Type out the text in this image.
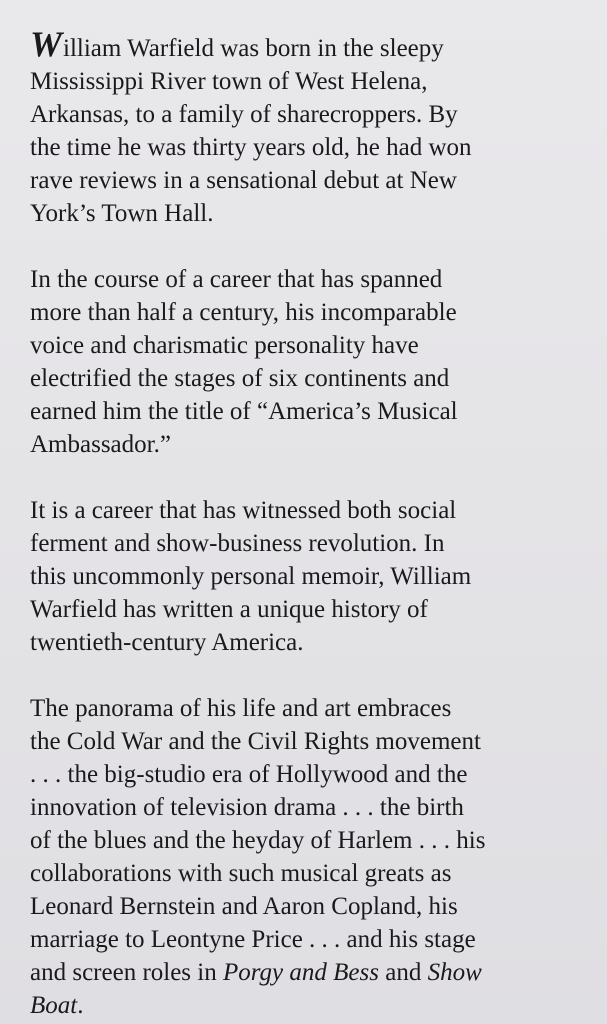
William Warfield was born in the sleepy
Mississippi River town of West Helena,
Arkansas, to a family of sharecroppers. By
the time he was thirty years old, he had won
rave reviews in a sensational debut at New
York’s Town Hall.

In the course of a career that has spanned
more than half a century, his incomparable
voice and charismatic personality have
electrified the stages of six continents and
earned him the title of “America’s Musical
Ambassador.”

It is a career that has witnessed both social
ferment and show-business revolution. In
this uncommonly personal memoir, William
Warfield has written a unique history of
twentieth-century America.

The panorama of his life and art embraces
the Cold War and the Civil Rights movement
. . . the big-studio era of Hollywood and the
innovation of television drama . . . the birth
of the blues and the heyday of Harlem . . . his
collaborations with such musical greats as
Leonard Bernstein and Aaron Copland, his
marriage to Leontyne Price . . . and his stage
and screen roles in Porgy and Bess and Show
Boat.
